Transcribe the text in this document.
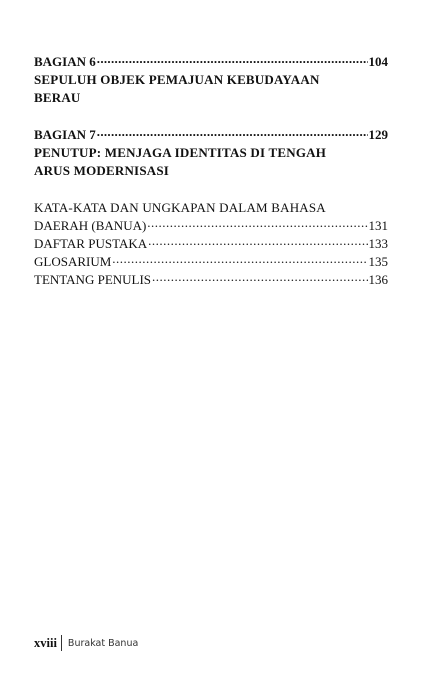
BAGIAN 6 .....	104
SEPULUH OBJEK PEMAJUAN KEBUDAYAAN
BERAU
BAGIAN 7 .....	129
PENUTUP: MENJAGA IDENTITAS DI TENGAH
ARUS MODERNISASI
KATA-KATA DAN UNGKAPAN DALAM BAHASA
DAERAH (BANUA) .....	131
DAFTAR PUSTAKA .....	133
GLOSARIUM .....	135
TENTANG PENULIS .....	136
xviii	Burakat Banua
